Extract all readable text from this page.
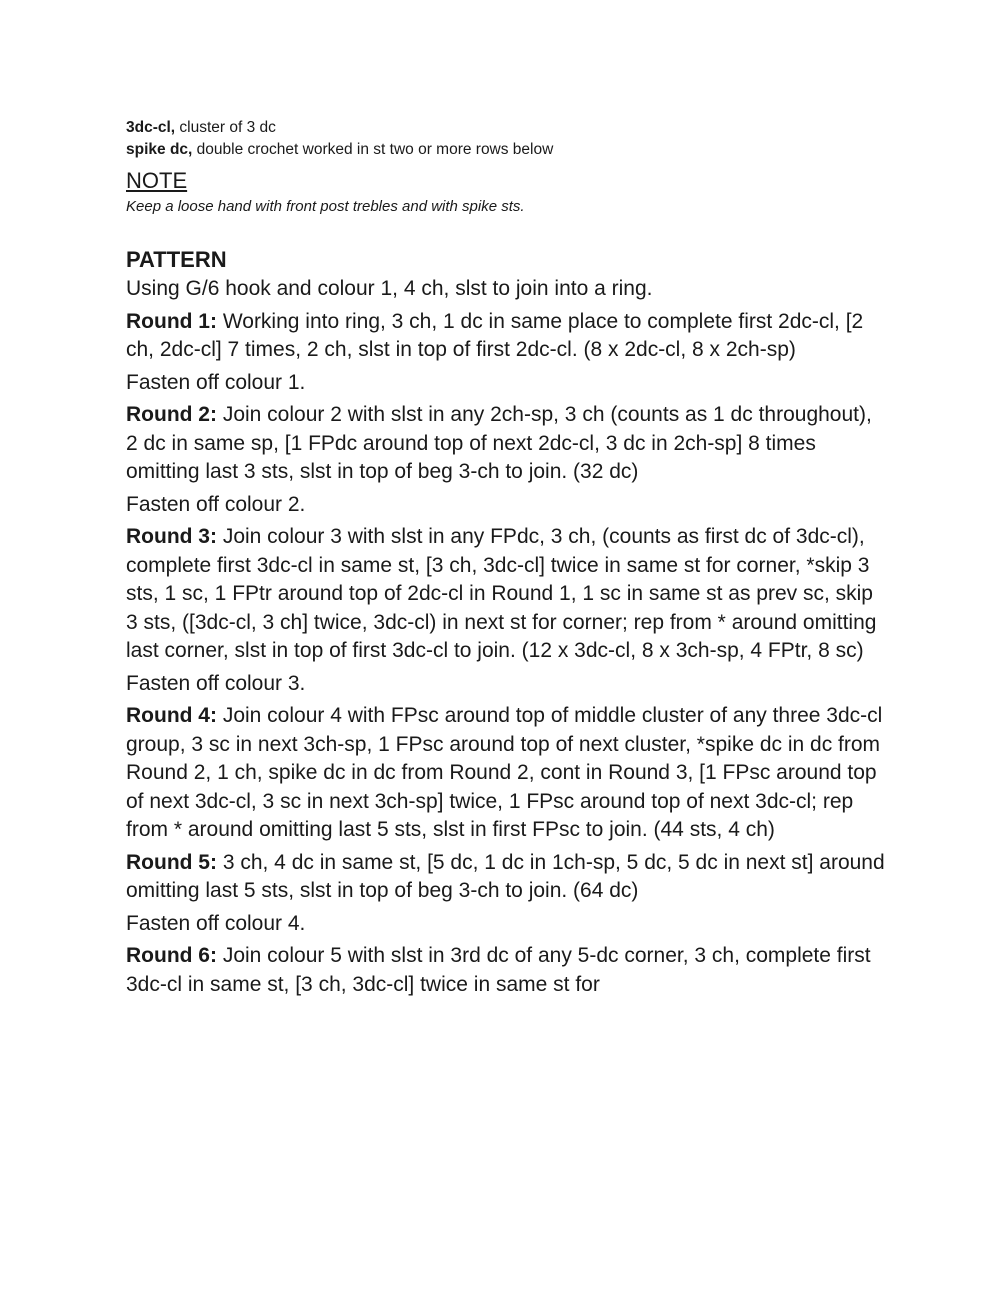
3dc-cl, cluster of 3 dc

spike dc, double crochet worked in st two or more rows below

NOTE

Keep a loose hand with front post trebles and with spike sts.

PATTERN

Using G/6 hook and colour 1, 4 ch, slst to join into a ring.

Round 1: Working into ring, 3 ch, 1 dc in same place to complete first 2dc-cl, [2 ch, 2dc-cl] 7 times, 2 ch, slst in top of first 2dc-cl. (8 x 2dc-cl, 8 x 2ch-sp)

Fasten off colour 1.

Round 2: Join colour 2 with slst in any 2ch-sp, 3 ch (counts as 1 dc throughout), 2 dc in same sp, [1 FPdc around top of next 2dc-cl, 3 dc in 2ch-sp] 8 times omitting last 3 sts, slst in top of beg 3-ch to join. (32 dc)

Fasten off colour 2.

Round 3: Join colour 3 with slst in any FPdc, 3 ch, (counts as first dc of 3dc-cl), complete first 3dc-cl in same st, [3 ch, 3dc-cl] twice in same st for corner, *skip 3 sts, 1 sc, 1 FPtr around top of 2dc-cl in Round 1, 1 sc in same st as prev sc, skip 3 sts, ([3dc-cl, 3 ch] twice, 3dc-cl) in next st for corner; rep from * around omitting last corner, slst in top of first 3dc-cl to join. (12 x 3dc-cl, 8 x 3ch-sp, 4 FPtr, 8 sc)

Fasten off colour 3.

Round 4: Join colour 4 with FPsc around top of middle cluster of any three 3dc-cl group, 3 sc in next 3ch-sp, 1 FPsc around top of next cluster, *spike dc in dc from Round 2, 1 ch, spike dc in dc from Round 2, cont in Round 3, [1 FPsc around top of next 3dc-cl, 3 sc in next 3ch-sp] twice, 1 FPsc around top of next 3dc-cl; rep from * around omitting last 5 sts, slst in first FPsc to join. (44 sts, 4 ch)

Round 5: 3 ch, 4 dc in same st, [5 dc, 1 dc in 1ch-sp, 5 dc, 5 dc in next st] around omitting last 5 sts, slst in top of beg 3-ch to join. (64 dc)

Fasten off colour 4.

Round 6: Join colour 5 with slst in 3rd dc of any 5-dc corner, 3 ch, complete first 3dc-cl in same st, [3 ch, 3dc-cl] twice in same st for
